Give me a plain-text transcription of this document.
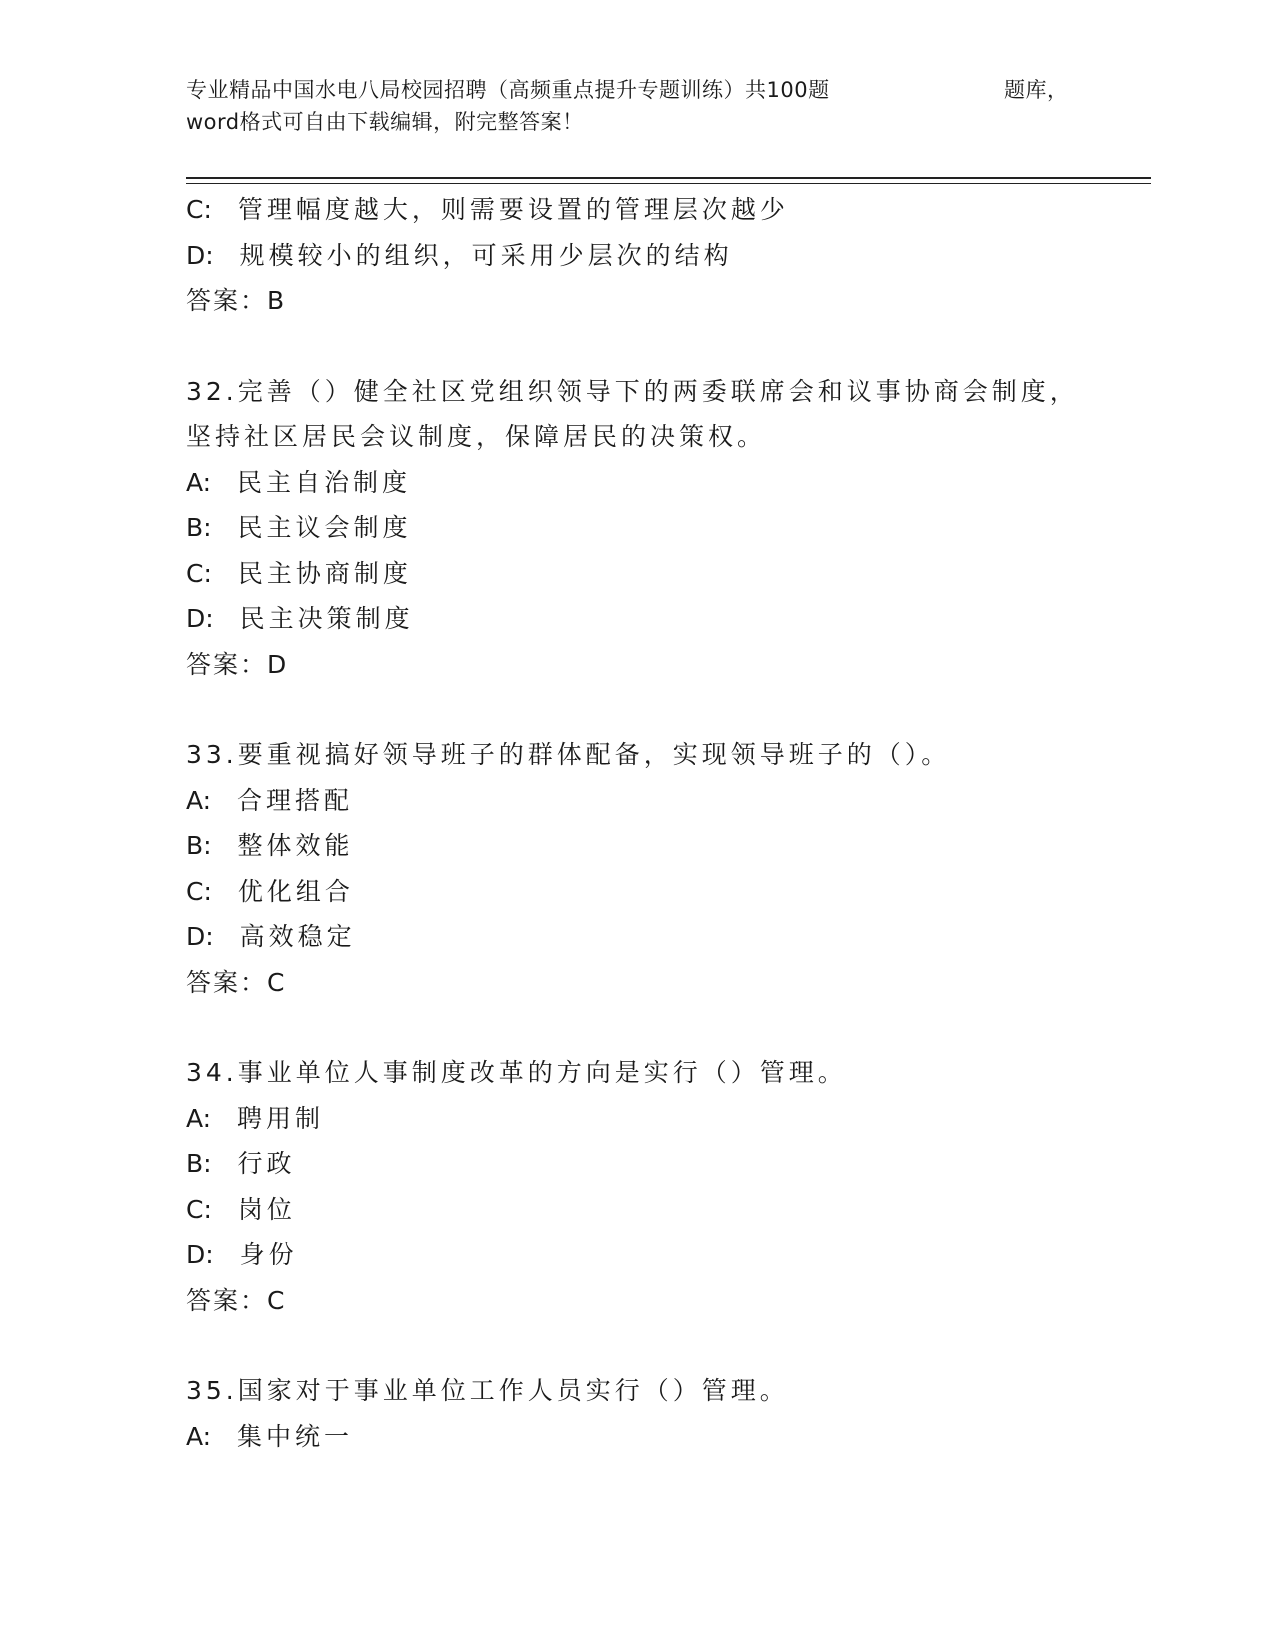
专业精品中国水电八局校园招聘（高频重点提升专题训练）共100题	题库，
word格式可自由下载编辑，附完整答案！
C: 管理幅度越大，则需要设置的管理层次越少
D: 规模较小的组织，可采用少层次的结构
答案：B
32.完善（）健全社区党组织领导下的两委联席会和议事协商会制度，
坚持社区居民会议制度，保障居民的决策权。
A: 民主自治制度
B: 民主议会制度
C: 民主协商制度
D: 民主决策制度
答案：D
33.要重视搞好领导班子的群体配备，实现领导班子的（）。
A: 合理搭配
B: 整体效能
C: 优化组合
D: 高效稳定
答案：C
34.事业单位人事制度改革的方向是实行（）管理。
A: 聘用制
B: 行政
C: 岗位
D: 身份
答案：C
35.国家对于事业单位工作人员实行（）管理。
A: 集中统一
